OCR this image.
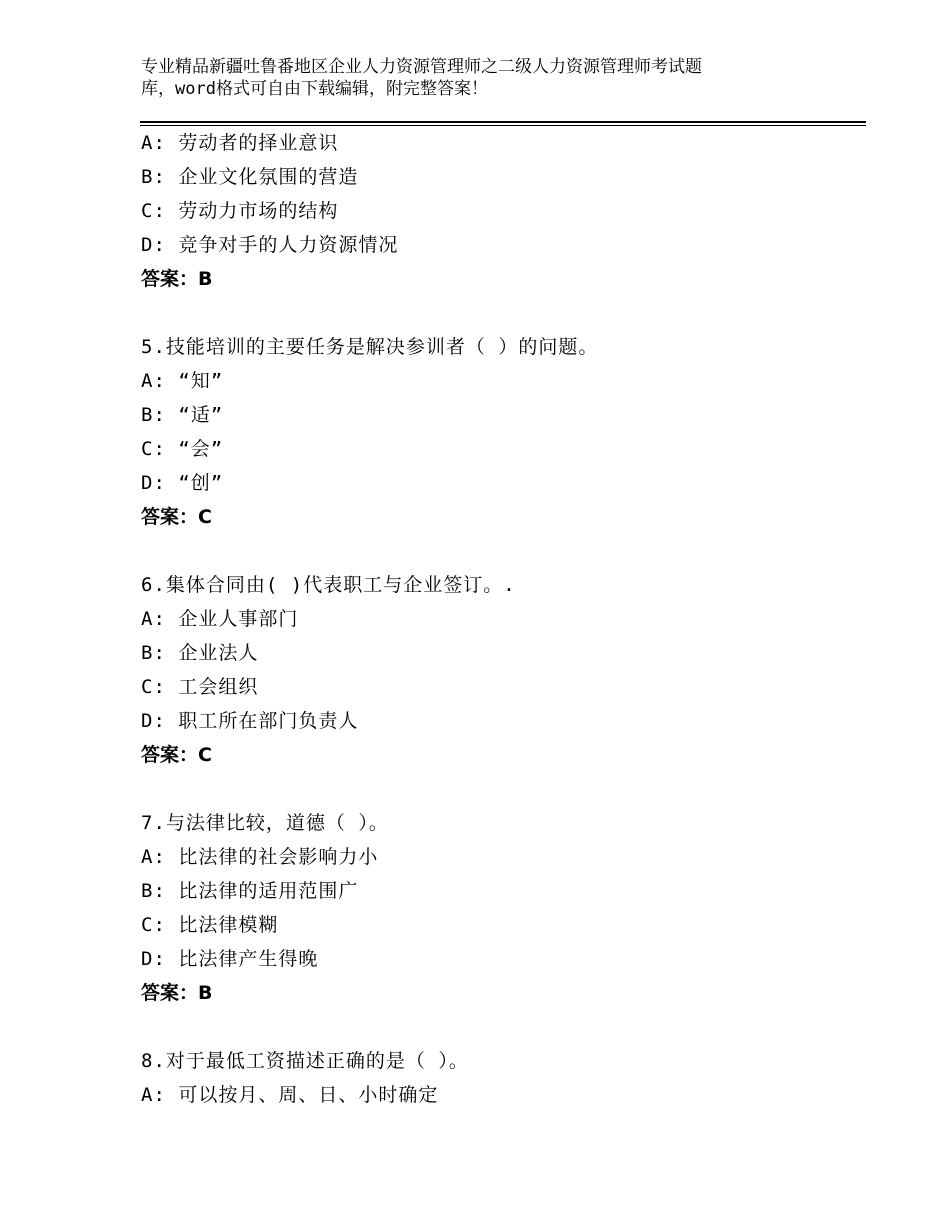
专业精品新疆吐鲁番地区企业人力资源管理师之二级人力资源管理师考试题
库，word格式可自由下载编辑，附完整答案！
A: 劳动者的择业意识
B: 企业文化氛围的营造
C: 劳动力市场的结构
D: 竞争对手的人力资源情况
答案：B
5.技能培训的主要任务是解决参训者（ ）的问题。
A: “知”
B: “适”
C: “会”
D: “创”
答案：C
6.集体合同由( )代表职工与企业签订。.
A: 企业人事部门
B: 企业法人
C: 工会组织
D: 职工所在部门负责人
答案：C
7.与法律比较，道德（ ）。
A: 比法律的社会影响力小
B: 比法律的适用范围广
C: 比法律模糊
D: 比法律产生得晚
答案：B
8.对于最低工资描述正确的是（ ）。
A: 可以按月、周、日、小时确定
